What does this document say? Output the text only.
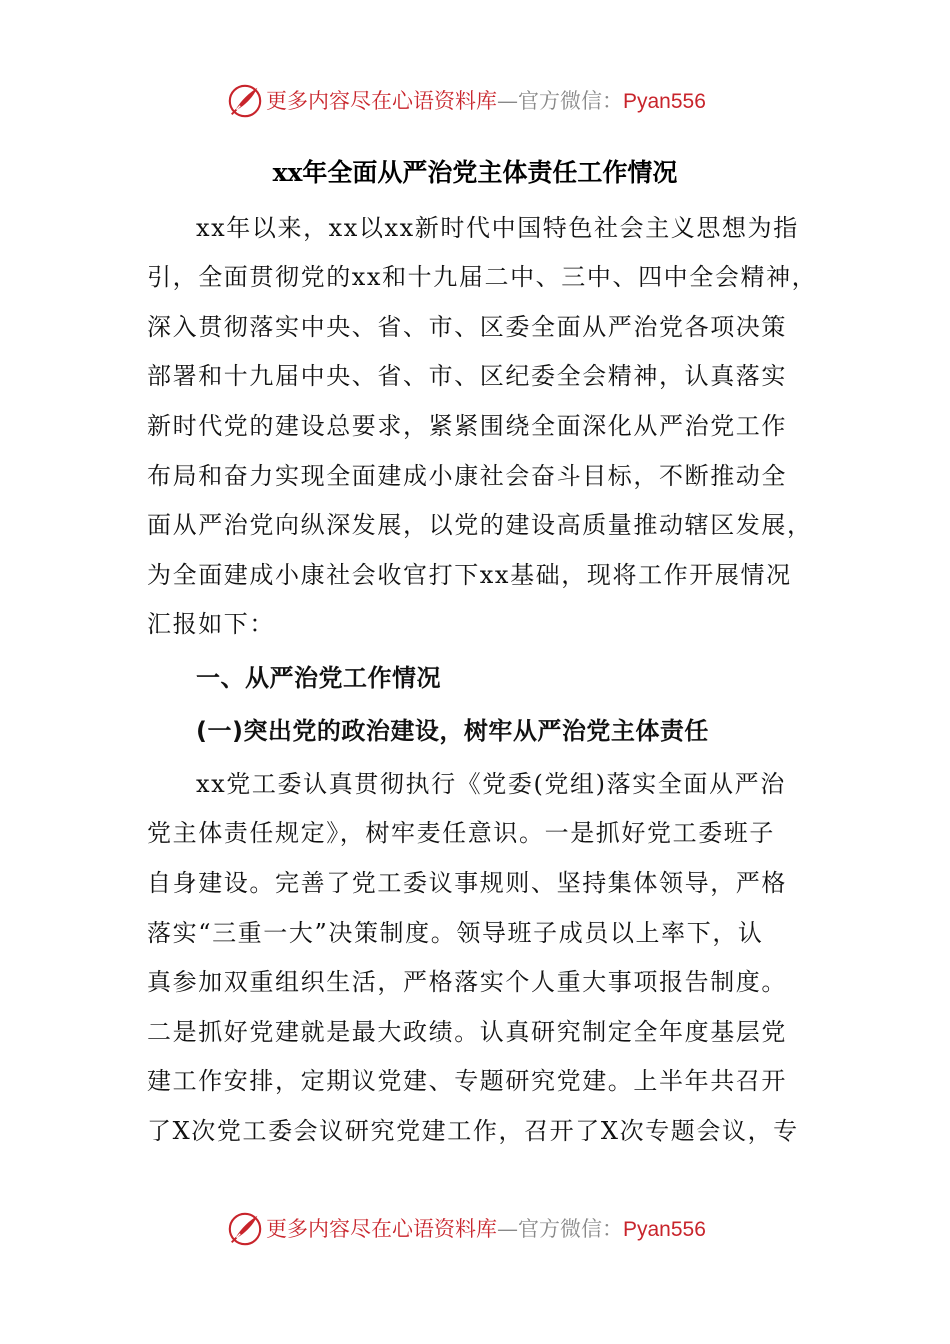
更多内容尽在心语资料库—官方微信：Pyan556
xx年全面从严治党主体责任工作情况
xx年以来，xx以xx新时代中国特色社会主义思想为指
引，全面贯彻党的xx和十九届二中、三中、四中全会精神，
深入贯彻落实中央、省、市、区委全面从严治党各项决策
部署和十九届中央、省、市、区纪委全会精神，认真落实
新时代党的建设总要求，紧紧围绕全面深化从严治党工作
布局和奋力实现全面建成小康社会奋斗目标，不断推动全
面从严治党向纵深发展，以党的建设高质量推动辖区发展，
为全面建成小康社会收官打下xx基础，现将工作开展情况
汇报如下：
一、从严治党工作情况
(一)突出党的政治建设，树牢从严治党主体责任
xx党工委认真贯彻执行《党委(党组)落实全面从严治
党主体责任规定》，树牢麦任意识。一是抓好党工委班子
自身建设。完善了党工委议事规则、坚持集体领导，严格
落实“三重一大”决策制度。领导班子成员以上率下，认
真参加双重组织生活，严格落实个人重大事项报告制度。
二是抓好党建就是最大政绩。认真研究制定全年度基层党
建工作安排，定期议党建、专题研究党建。上半年共召开
了X次党工委会议研究党建工作，召开了X次专题会议，专
更多内容尽在心语资料库—官方微信：Pyan556
